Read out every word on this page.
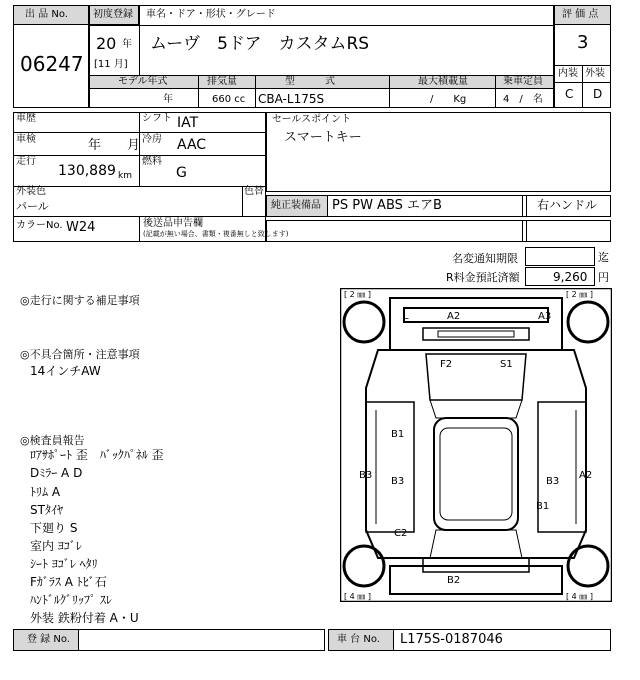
出 品 No.
06247
初度登録 車名・ドア・形状・グレード
20 年
[11 月]
ムーヴ　5ドア　カスタムRS
モデル年式	排気量	型　　　式	最大積載量	乗車定員
年	660 cc CBA-L175S	/　　Kg	4　/　名
評 価 点
3
内装 外装
C D
車歴	シフト IAT
車検	年　　月 冷房 AAC
走行
130,889 km
燃料
G
外装色
パール
色替
カラーNo. W24	後送品申告欄
(記載が無い場合、書類・複番無しと致します)
セールスポイント
スマートキー
純正装備品 PS PW ABS エアB	右ハンドル
名変通知期限	迄
R料金預託済額	9,260 円
◎走行に関する補足事項
◎不具合箇所・注意事項
14インチAW
◎検査員報告
ﾛｱｻﾎﾟｰﾄ 歪　ﾊﾞｯｸﾊﾟﾈﾙ 歪
Dﾐﾗｰ A D
ﾄﾘﾑ A
STﾀｲﾔ
下廻り S
室内 ﾖｺﾞﾚ
ｼｰﾄ ﾖｺﾞﾚ ﾍﾀﾘ
Fｶﾞﾗｽ A ﾄﾋﾞ石
ﾊﾝﾄﾞﾙｸﾞﾘｯﾌﾟ ｽﾚ
外装 鉄粉付着 A・U
[ 2 ㎜ ]	[ 2 ㎜ ]
[ 4 ㎜ ]	[ 4 ㎜ ]
L	A2	A3
F2	S1
B1
B3
B3	B3
A2
B1
C2
B2
登 録 No.	車 台 No. L175S-0187046
